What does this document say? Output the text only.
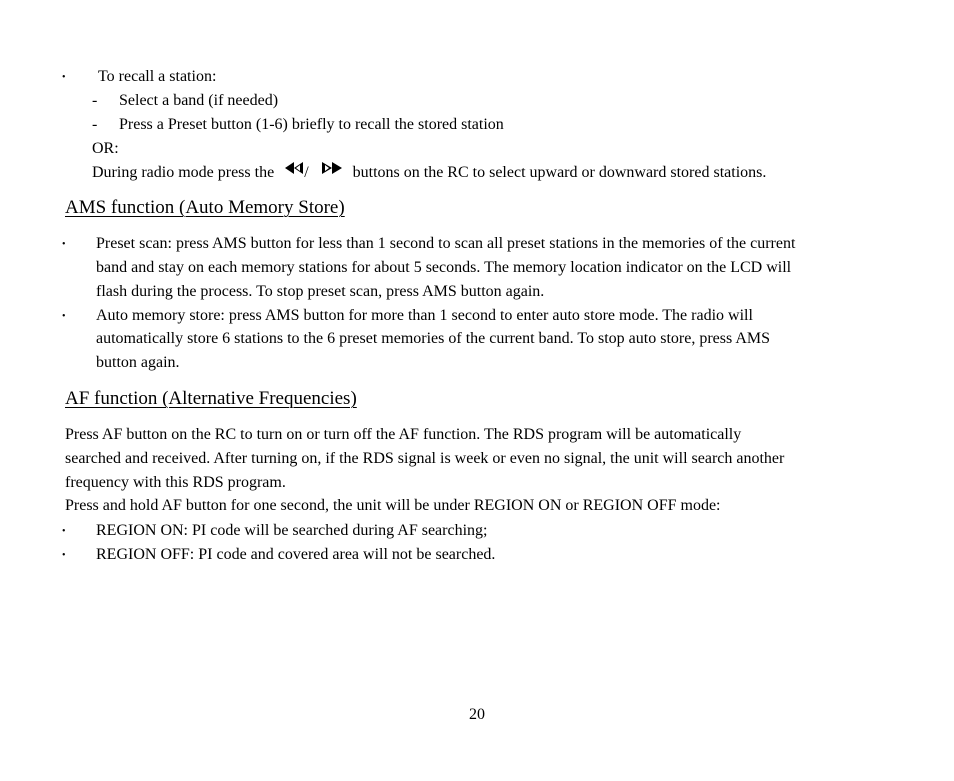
• To recall a station:
- Select a band (if needed)
- Press a Preset button (1-6) briefly to recall the stored station
OR:
During radio mode press the /	buttons on the RC to select upward or downward stored stations.
AMS function (Auto Memory Store)
• Preset scan: press AMS button for less than 1 second to scan all preset stations in the memories of the current
band and stay on each memory stations for about 5 seconds. The memory location indicator on the LCD will
flash during the process. To stop preset scan, press AMS button again.
• Auto memory store: press AMS button for more than 1 second to enter auto store mode. The radio will
automatically store 6 stations to the 6 preset memories of the current band. To stop auto store, press AMS
button again.
AF function (Alternative Frequencies)
Press AF button on the RC to turn on or turn off the AF function. The RDS program will be automatically
searched and received. After turning on, if the RDS signal is week or even no signal, the unit will search another
frequency with this RDS program.
Press and hold AF button for one second, the unit will be under REGION ON or REGION OFF mode:
• REGION ON: PI code will be searched during AF searching;
• REGION OFF: PI code and covered area will not be searched.
20
